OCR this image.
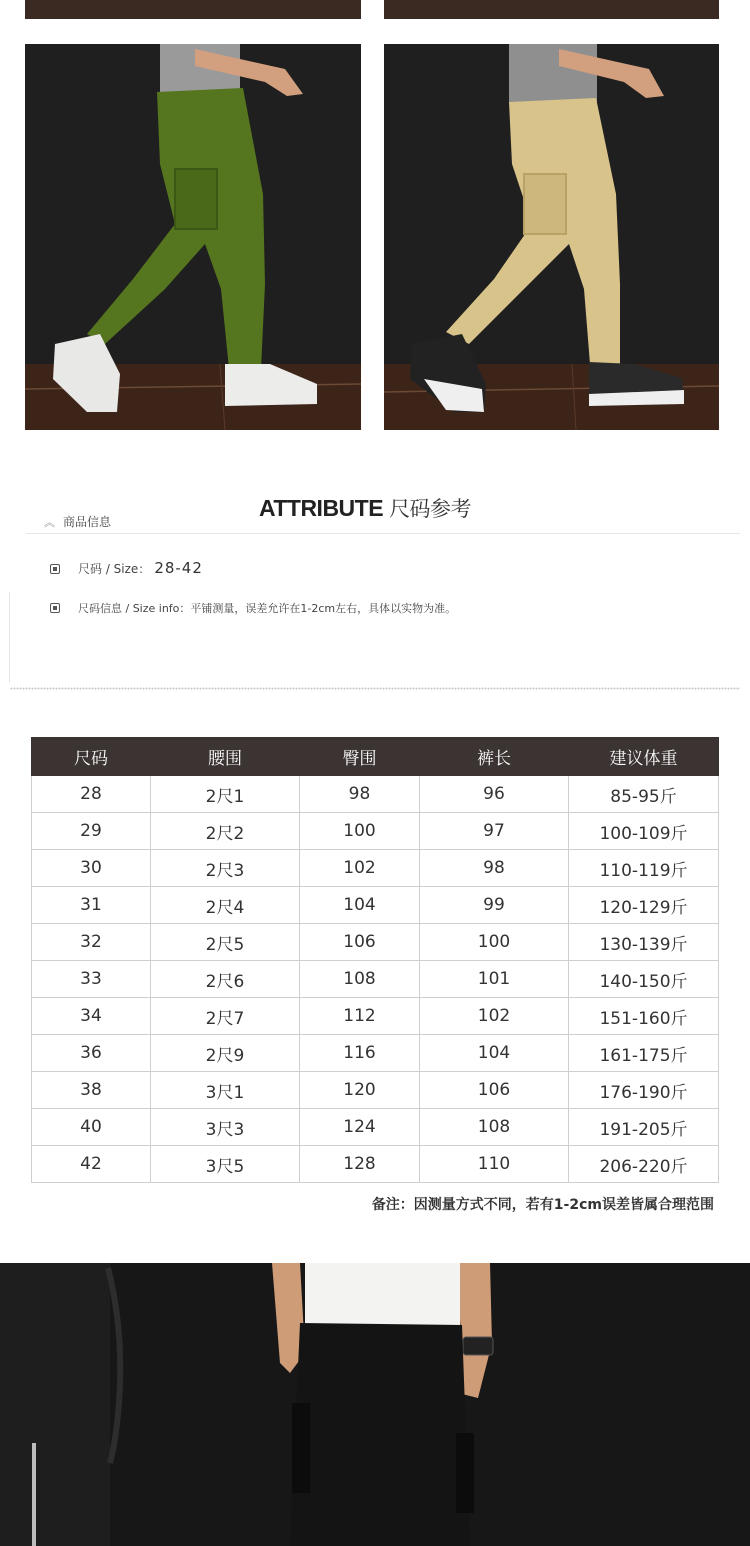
ATTRIBUTE 尺码参考
︽ 商品信息
尺码 / Size： 28-42
尺码信息 / Size info：平铺测量，误差允许在1-2cm左右，具体以实物为准。
尺码	腰围	臀围	裤长	建议体重
28	2尺1	98	96	85-95斤
29	2尺2	100	97	100-109斤
30	2尺3	102	98	110-119斤
31	2尺4	104	99	120-129斤
32	2尺5	106	100	130-139斤
33	2尺6	108	101	140-150斤
34	2尺7	112	102	151-160斤
36	2尺9	116	104	161-175斤
38	3尺1	120	106	176-190斤
40	3尺3	124	108	191-205斤
42	3尺5	128	110	206-220斤
备注：因测量方式不同，若有1-2cm误差皆属合理范围
